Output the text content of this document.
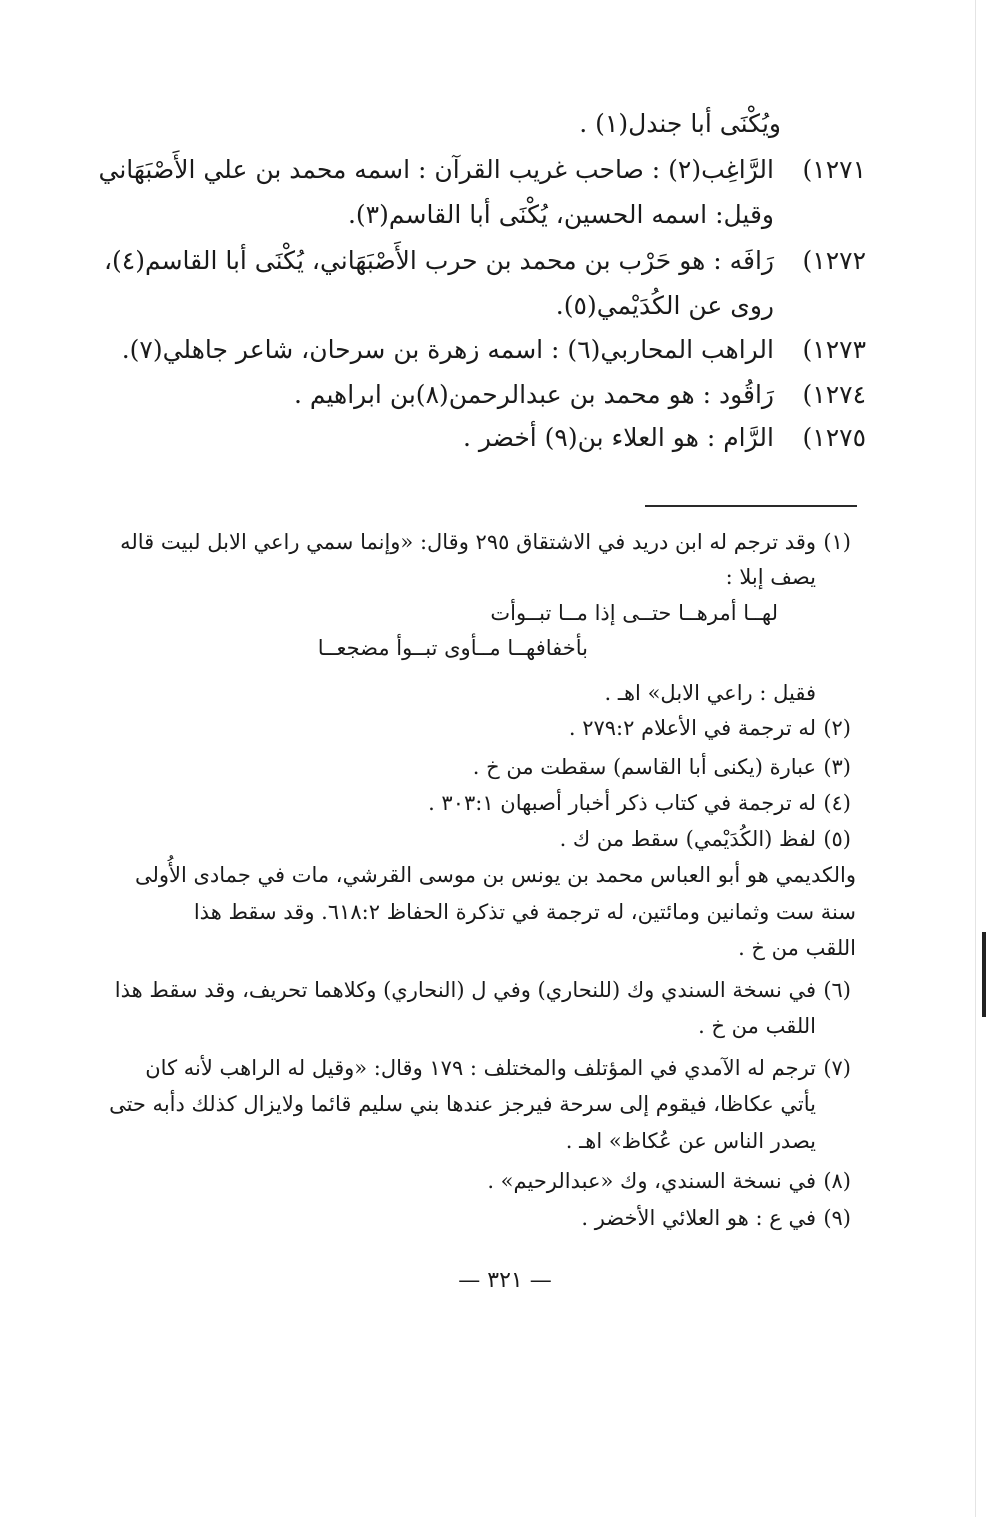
ويُكْنَى أبا جندل(١) .
١٢٧١)
الرَّاغِب(٢) : صاحب غريب القرآن : اسمه محمد بن علي الأَصْبَهَاني
وقيل: اسمه الحسين، يُكْنَى أبا القاسم(٣).
١٢٧٢)
رَافَه : هو حَرْب بن محمد بن حرب الأَصْبَهَاني، يُكْنَى أبا القاسم(٤)،
روى عن الكُدَيْمي(٥).
١٢٧٣)
الراهب المحاربي(٦) : اسمه زهرة بن سرحان، شاعر جاهلي(٧).
١٢٧٤)
رَاقُود : هو محمد بن عبدالرحمن(٨)بن ابراهيم .
١٢٧٥)
الرَّام : هو العلاء بن(٩) أخضر .
(١)
وقد ترجم له ابن دريد في الاشتقاق ٢٩٥ وقال: «وإنما سمي راعي الابل لبيت قاله
يصف إبلا :
لهــا أمرهــا حتــى إذا مــا تبــوأت
بأخفافهــا مــأوى تبــوأ مضجعــا
فقيل : راعي الابل» اهـ .
(٢)
له ترجمة في الأعلام ٢٧٩:٢ .
(٣)
عبارة (يكنى أبا القاسم) سقطت من خ .
(٤)
له ترجمة في كتاب ذكر أخبار أصبهان ٣٠٣:١ .
(٥)
لفظ (الكُدَيْمي) سقط من ك .
والكديمي هو أبو العباس محمد بن يونس بن موسى القرشي، مات في جمادى الأُولى
سنة ست وثمانين ومائتين، له ترجمة في تذكرة الحفاظ ٦١٨:٢. وقد سقط هذا
اللقب من خ .
(٦)
في نسخة السندي وك (للنحاري) وفي ل (النحاري) وكلاهما تحريف، وقد سقط هذا
اللقب من خ .
(٧)
ترجم له الآمدي في المؤتلف والمختلف : ١٧٩ وقال: «وقيل له الراهب لأنه كان
يأتي عكاظا، فيقوم إلى سرحة فيرجز عندها بني سليم قائما ولايزال كذلك دأبه حتى
يصدر الناس عن عُكاظ» اهـ .
(٨)
في نسخة السندي، وك «عبدالرحيم» .
(٩)
في ع : هو العلائي الأخضر .
— ٣٢١ —
